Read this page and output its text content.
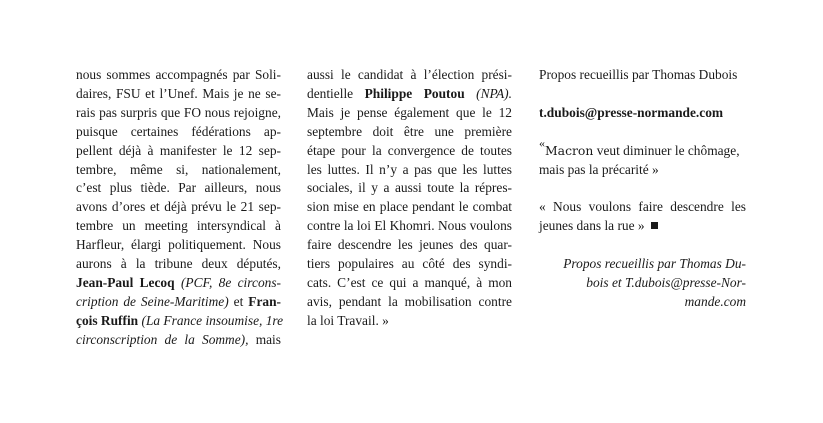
nous sommes accompagnés par Soli-
daires, FSU et l’Unef. Mais je ne se-
rais pas surpris que FO nous rejoigne,
puisque certaines fédérations ap-
pellent déjà à manifester le 12 sep-
tembre, même si, nationalement,
c’est plus tiède. Par ailleurs, nous
avons d’ores et déjà prévu le 21 sep-
tembre un meeting intersyndical à
Harfleur, élargi politiquement. Nous
aurons à la tribune deux députés,
Jean-Paul Lecoq (PCF, 8e circons-
cription de Seine-Maritime) et Fran-
çois Ruffin (La France insoumise, 1re
circonscription de la Somme), mais
aussi le candidat à l’élection prési-
dentielle Philippe Poutou (NPA).
Mais je pense également que le 12
septembre doit être une première
étape pour la convergence de toutes
les luttes. Il n’y a pas que les luttes
sociales, il y a aussi toute la répres-
sion mise en place pendant le combat
contre la loi El Khomri. Nous voulons
faire descendre les jeunes des quar-
tiers populaires au côté des syndi-
cats. C’est ce qui a manqué, à mon
avis, pendant la mobilisation contre
la loi Travail. »
Propos recueillis par Thomas Dubois
t.dubois@presse-normande.com
«Macron veut diminuer le chômage,
mais pas la précarité »
« Nous voulons faire descendre les
jeunes dans la rue »
Propos recueillis par Thomas Du-
bois et T.dubois@presse-Nor-
mande.com
